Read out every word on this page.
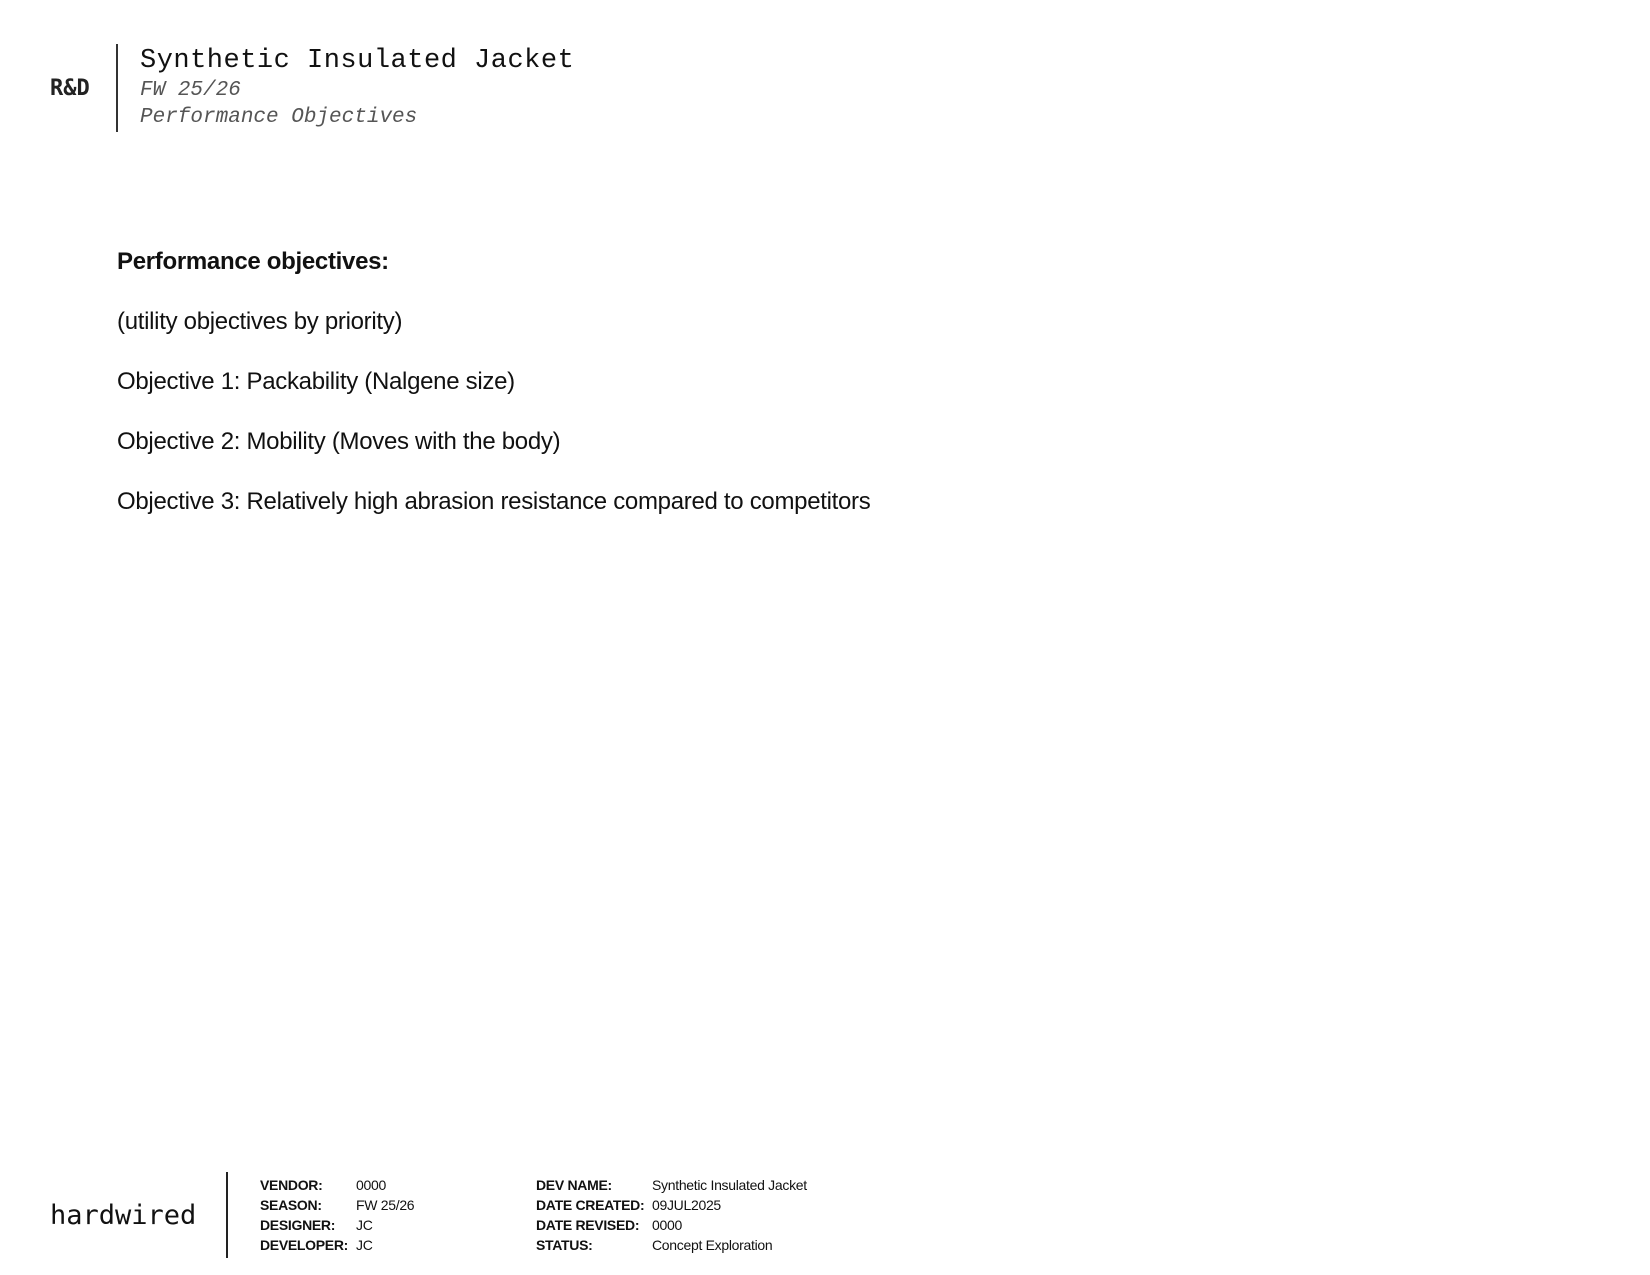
R&D
Synthetic Insulated Jacket
FW 25/26
Performance Objectives

Performance objectives:

(utility objectives by priority)

Objective 1: Packability (Nalgene size)

Objective 2: Mobility (Moves with the body)

Objective 3: Relatively high abrasion resistance compared to competitors

hardwired
VENDOR:	0000
SEASON:	FW 25/26
DESIGNER:	JC
DEVELOPER: JC
DEV NAME:	Synthetic Insulated Jacket
DATE CREATED: 09JUL2025
DATE REVISED: 0000
STATUS:	Concept Exploration
